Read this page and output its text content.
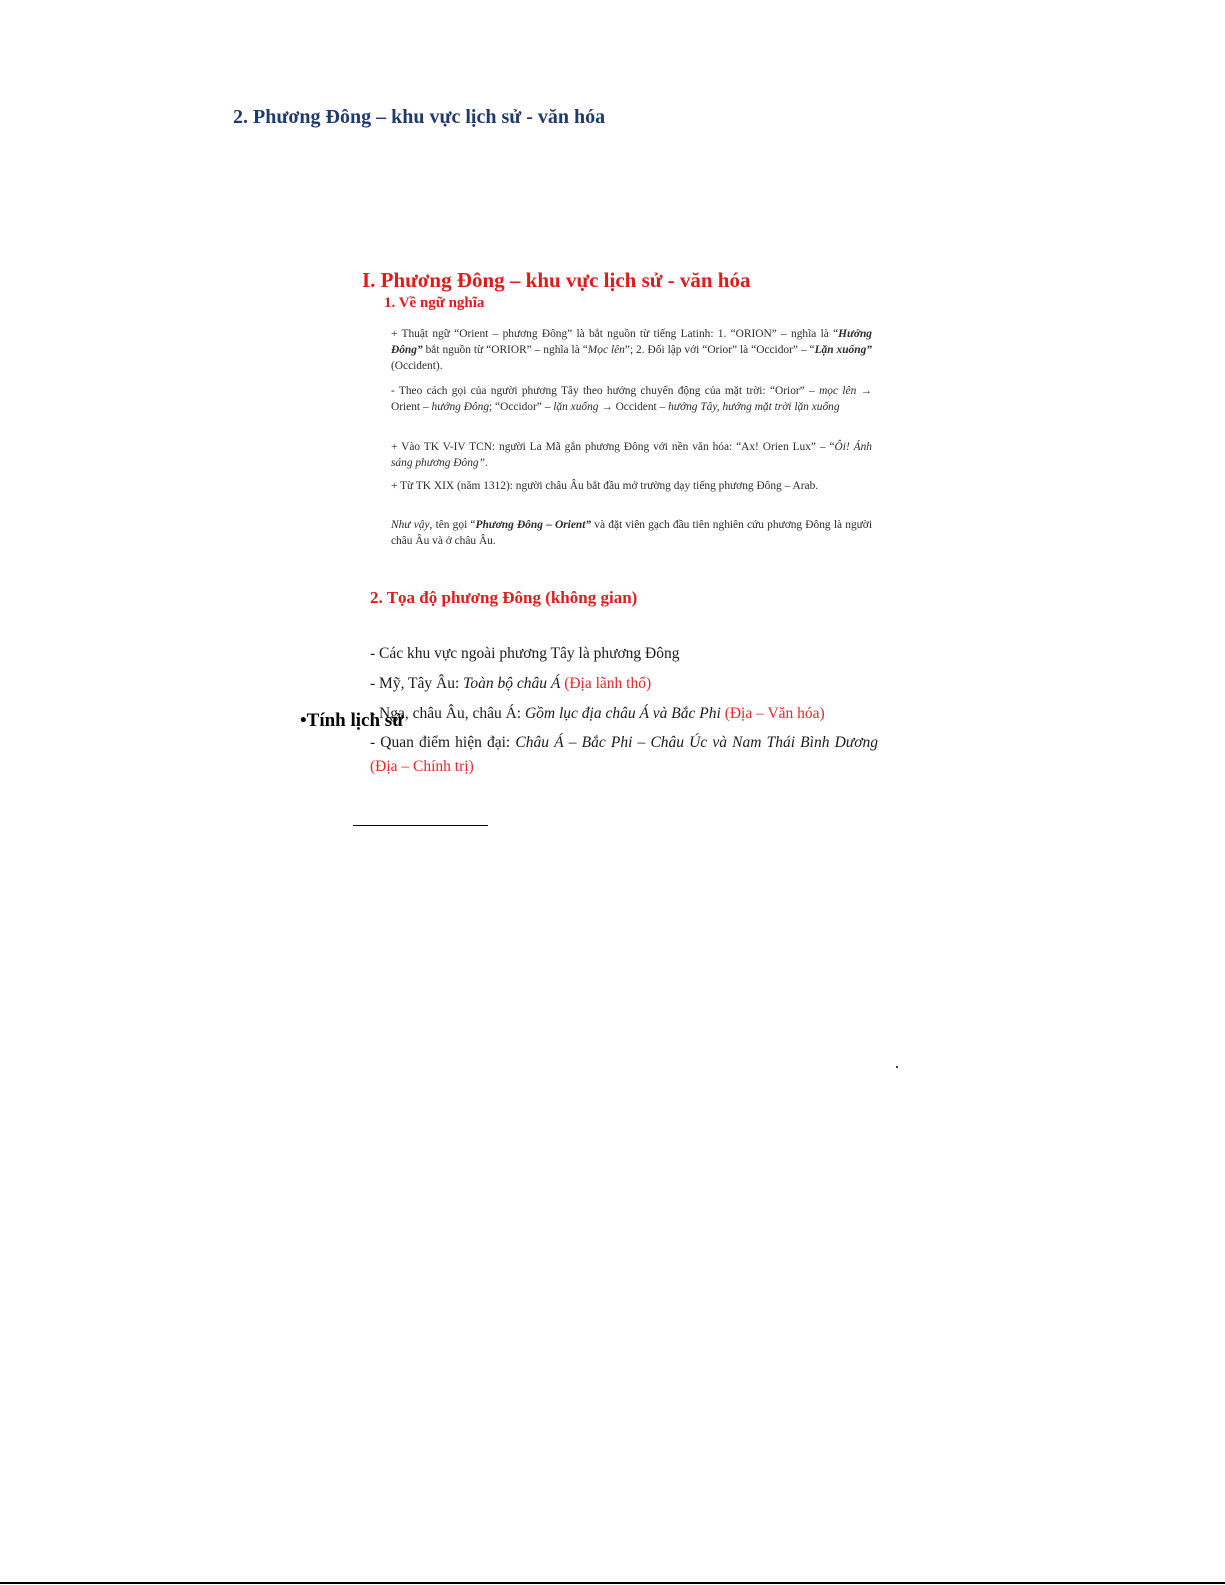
2. Phương Đông – khu vực lịch sử - văn hóa
I. Phương Đông – khu vực lịch sử - văn hóa
1. Về ngữ nghĩa

+ Thuật ngữ “Orient – phương Đông” là bắt nguồn từ tiếng Latinh: 1. “ORION” – nghĩa là “Hướng Đông” bắt nguồn từ “ORIOR” – nghĩa là “Mọc lên”; 2. Đối lập với “Orior” là “Occidor” – “Lặn xuống” (Occident).

- Theo cách gọi của người phương Tây theo hướng chuyển động của mặt trời: “Orior” – mọc lên → Orient – hướng Đông; “Occidor” – lặn xuống → Occident – hướng Tây, hướng mặt trời lặn xuống

+ Vào TK V-IV TCN: người La Mã gắn phương Đông với nền văn hóa: “Ax! Orien Lux” – “Ôi! Ánh sáng phương Đông”.

+ Từ TK XIX (năm 1312): người châu Âu bắt đầu mở trường dạy tiếng phương Đông – Arab.

Như vậy, tên gọi “Phương Đông – Orient” và đặt viên gạch đầu tiên nghiên cứu phương Đông là người châu Âu và ở châu Âu.

2. Tọa độ phương Đông (không gian)

- Các khu vực ngoài phương Tây là phương Đông

- Mỹ, Tây Âu: Toàn bộ châu Á (Địa lãnh thổ)

- Nga, châu Âu, châu Á: Gồm lục địa châu Á và Bắc Phi (Địa – Văn hóa)

- Quan điểm hiện đại: Châu Á – Bắc Phi – Châu Úc và Nam Thái Bình Dương (Địa – Chính trị)

•Tính lịch sử
